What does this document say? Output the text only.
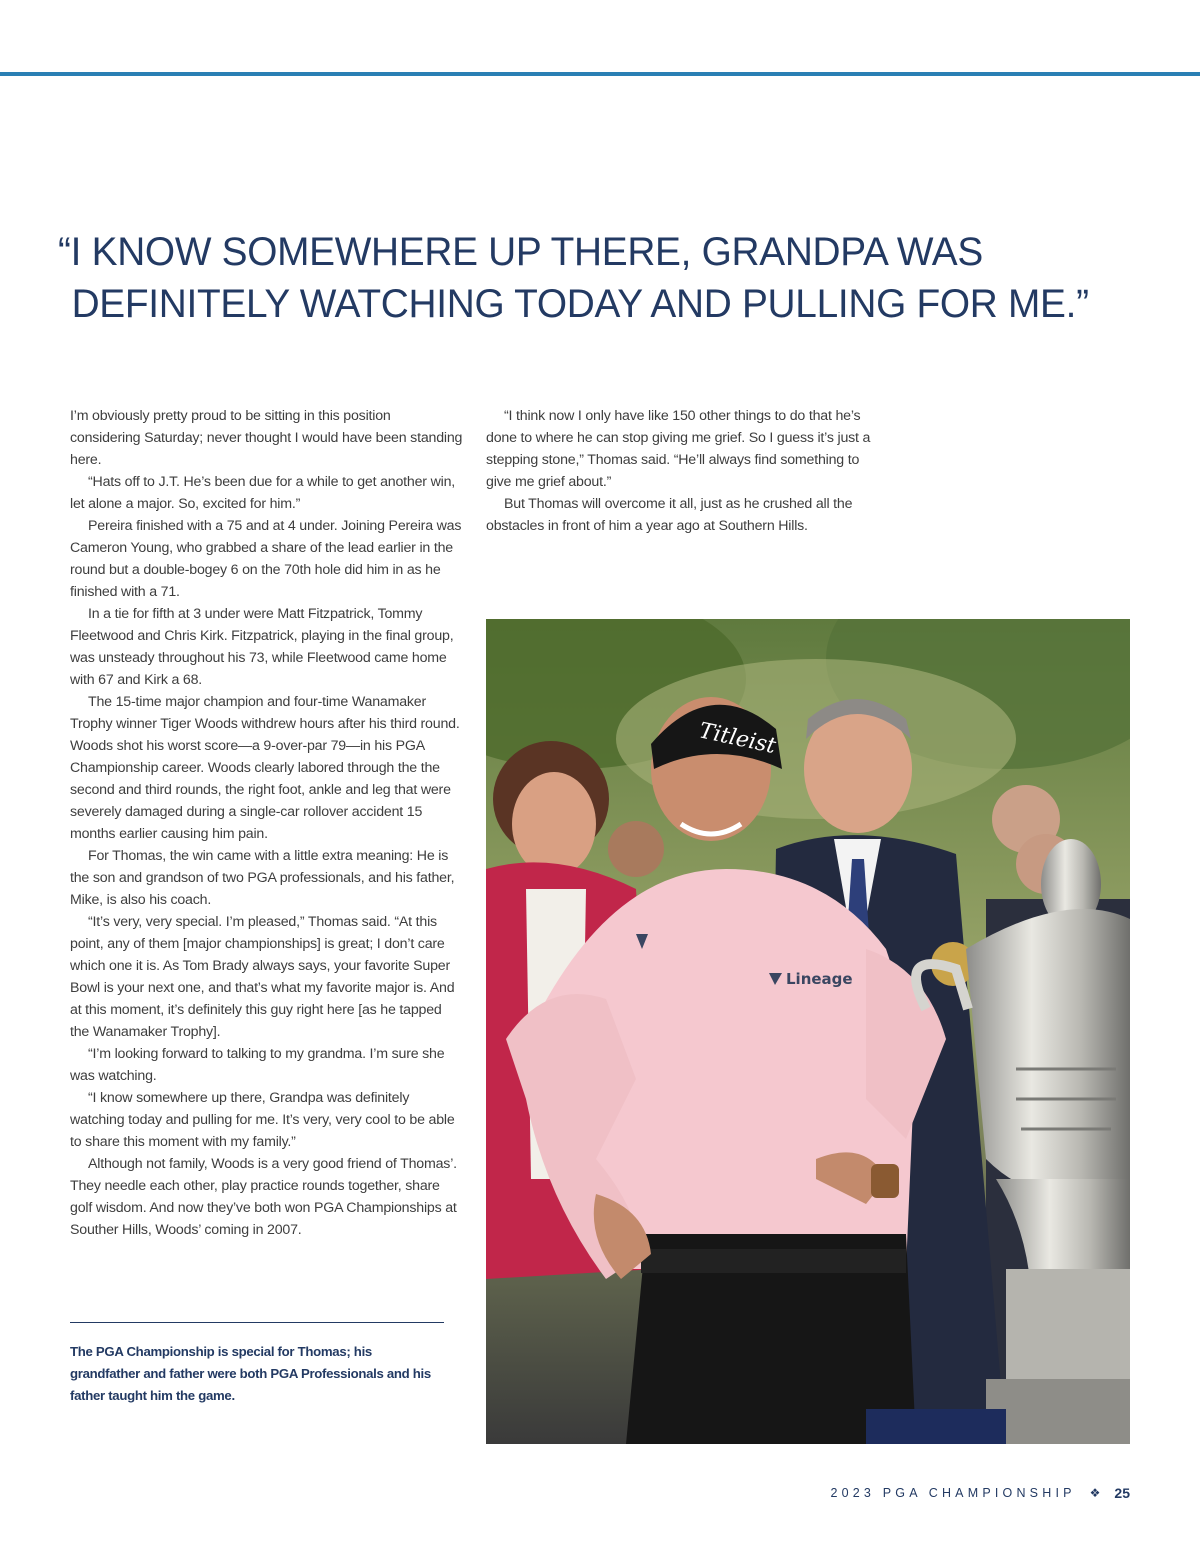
“I KNOW SOMEWHERE UP THERE, GRANDPA WAS
DEFINITELY WATCHING TODAY AND PULLING FOR ME.”

I’m obviously pretty proud to be sitting in this position considering Saturday; never thought I would have been standing here.

“Hats off to J.T. He’s been due for a while to get another win, let alone a major. So, excited for him.”

Pereira finished with a 75 and at 4 under. Joining Pereira was Cameron Young, who grabbed a share of the lead earlier in the round but a double-bogey 6 on the 70th hole did him in as he finished with a 71.

In a tie for fifth at 3 under were Matt Fitzpatrick, Tommy Fleetwood and Chris Kirk. Fitzpatrick, playing in the final group, was unsteady throughout his 73, while Fleetwood came home with 67 and Kirk a 68.

The 15-time major champion and four-time Wanamaker Trophy winner Tiger Woods withdrew hours after his third round. Woods shot his worst score—a 9-over-par 79—in his PGA Championship career. Woods clearly labored through the the second and third rounds, the right foot, ankle and leg that were severely damaged during a single-car rollover accident 15 months earlier causing him pain.

For Thomas, the win came with a little extra meaning: He is the son and grandson of two PGA professionals, and his father, Mike, is also his coach.

“It’s very, very special. I’m pleased,” Thomas said. “At this point, any of them [major championships] is great; I don’t care which one it is. As Tom Brady always says, your favorite Super Bowl is your next one, and that’s what my favorite major is. And at this moment, it’s definitely this guy right here [as he tapped the Wanamaker Trophy].

“I’m looking forward to talking to my grandma. I’m sure she was watching.

“I know somewhere up there, Grandpa was definitely watching today and pulling for me. It’s very, very cool to be able to share this moment with my family.”

Although not family, Woods is a very good friend of Thomas’. They needle each other, play practice rounds together, share golf wisdom. And now they’ve both won PGA Championships at Souther Hills, Woods’ coming in 2007.

“I think now I only have like 150 other things to do that he’s done to where he can stop giving me grief. So I guess it’s just a stepping stone,” Thomas said. “He’ll always find something to give me grief about.”

But Thomas will overcome it all, just as he crushed all the obstacles in front of him a year ago at Southern Hills.

The PGA Championship is special for Thomas; his grandfather and father were both PGA Professionals and his father taught him the game.
Titleist
Lineage
2023 PGA CHAMPIONSHIP ❖ 25
